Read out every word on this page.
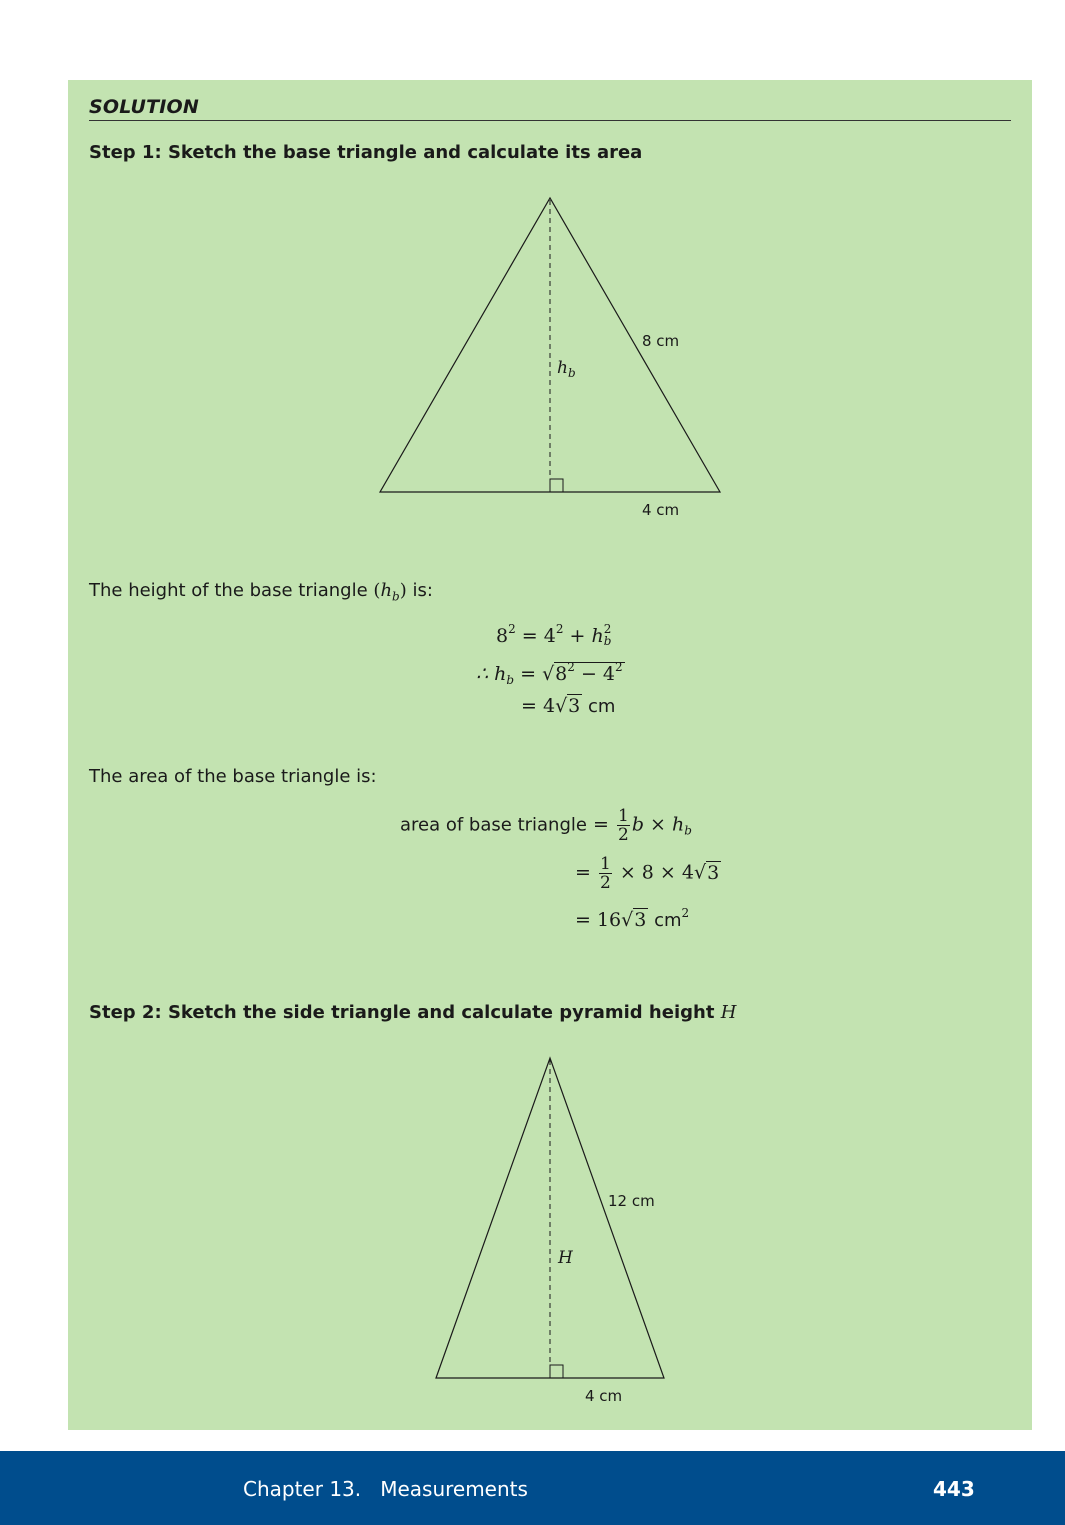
SOLUTION
Step 1: Sketch the base triangle and calculate its area
8 cm
$h_b$
4 cm
The height of the base triangle $(h_b)$ is:
$8^2 = 4^2 + h$ 2
b
∴ $h_b = √8^2 - 4^2$
= 4√3 cm
The area of the base triangle is:
area of base triangle = $\frac{1}{2}$ $b \times h_b$
= $\frac{1}{2} \times 8 \times 4√3$
= 16√3 $cm^2$
Step 2: Sketch the side triangle and calculate pyramid height H
12 cm
H
4 cm
Chapter 13. Measurements	443
